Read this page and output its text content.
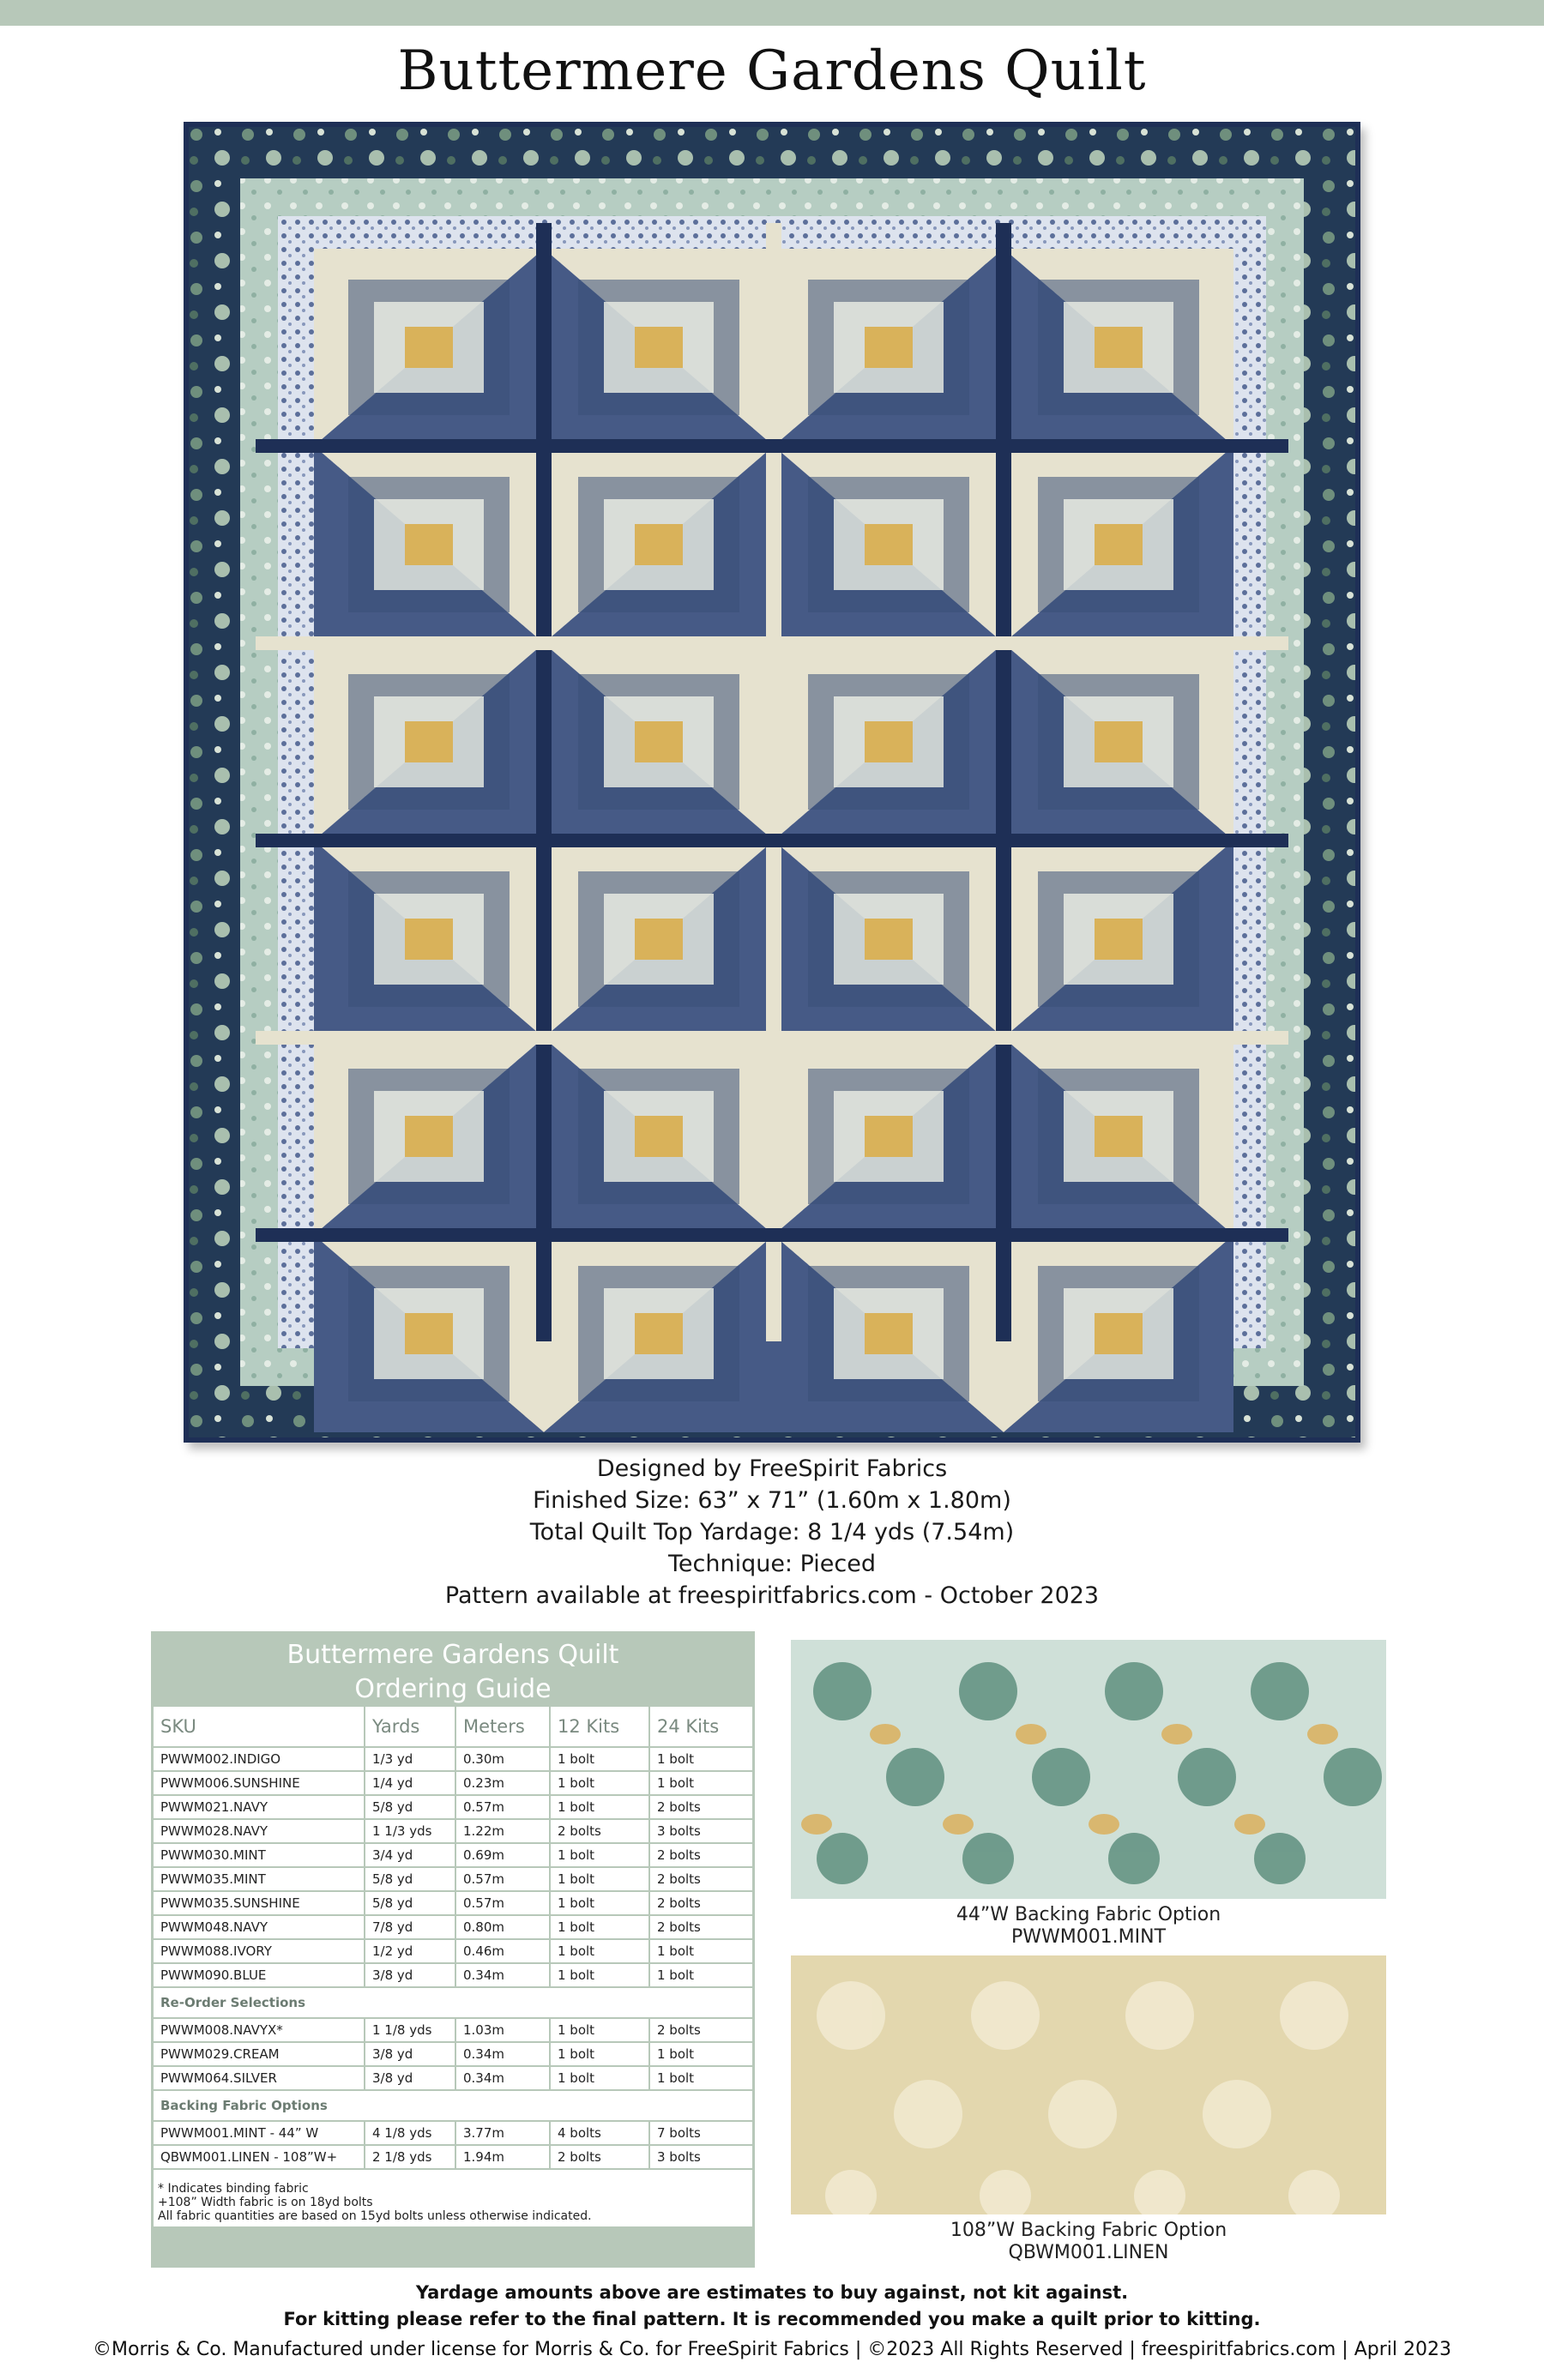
Buttermere Gardens Quilt
Designed by FreeSpirit Fabrics
Finished Size: 63” x 71” (1.60m x 1.80m)
Total Quilt Top Yardage: 8 1/4 yds (7.54m)
Technique: Pieced
Pattern available at freespiritfabrics.com - October 2023
Buttermere Gardens Quilt
Ordering Guide
SKU	Yards	Meters	12 Kits	24 Kits
PWWM002.INDIGO	1/3 yd	0.30m	1 bolt	1 bolt
PWWM006.SUNSHINE	1/4 yd	0.23m	1 bolt	1 bolt
PWWM021.NAVY	5/8 yd	0.57m	1 bolt	2 bolts
PWWM028.NAVY	1 1/3 yds	1.22m	2 bolts	3 bolts
PWWM030.MINT	3/4 yd	0.69m	1 bolt	2 bolts
PWWM035.MINT	5/8 yd	0.57m	1 bolt	2 bolts
PWWM035.SUNSHINE	5/8 yd	0.57m	1 bolt	2 bolts
PWWM048.NAVY	7/8 yd	0.80m	1 bolt	2 bolts
PWWM088.IVORY	1/2 yd	0.46m	1 bolt	1 bolt
PWWM090.BLUE	3/8 yd	0.34m	1 bolt	1 bolt
Re-Order Selections				
PWWM008.NAVYX*	1 1/8 yds	1.03m	1 bolt	2 bolts
PWWM029.CREAM	3/8 yd	0.34m	1 bolt	1 bolt
PWWM064.SILVER	3/8 yd	0.34m	1 bolt	1 bolt
Backing Fabric Options				
PWWM001.MINT - 44” W	4 1/8 yds	3.77m	4 bolts	7 bolts
QBWM001.LINEN - 108”W+	2 1/8 yds	1.94m	2 bolts	3 bolts
* Indicates binding fabric
+108” Width fabric is on 18yd bolts
All fabric quantities are based on 15yd bolts unless otherwise indicated.
44”W Backing Fabric Option
PWWM001.MINT
108”W Backing Fabric Option
QBWM001.LINEN
Yardage amounts above are estimates to buy against, not kit against.
For kitting please refer to the final pattern. It is recommended you make a quilt prior to kitting.
©Morris & Co. Manufactured under license for Morris & Co. for FreeSpirit Fabrics | ©2023 All Rights Reserved | freespiritfabrics.com | April 2023
